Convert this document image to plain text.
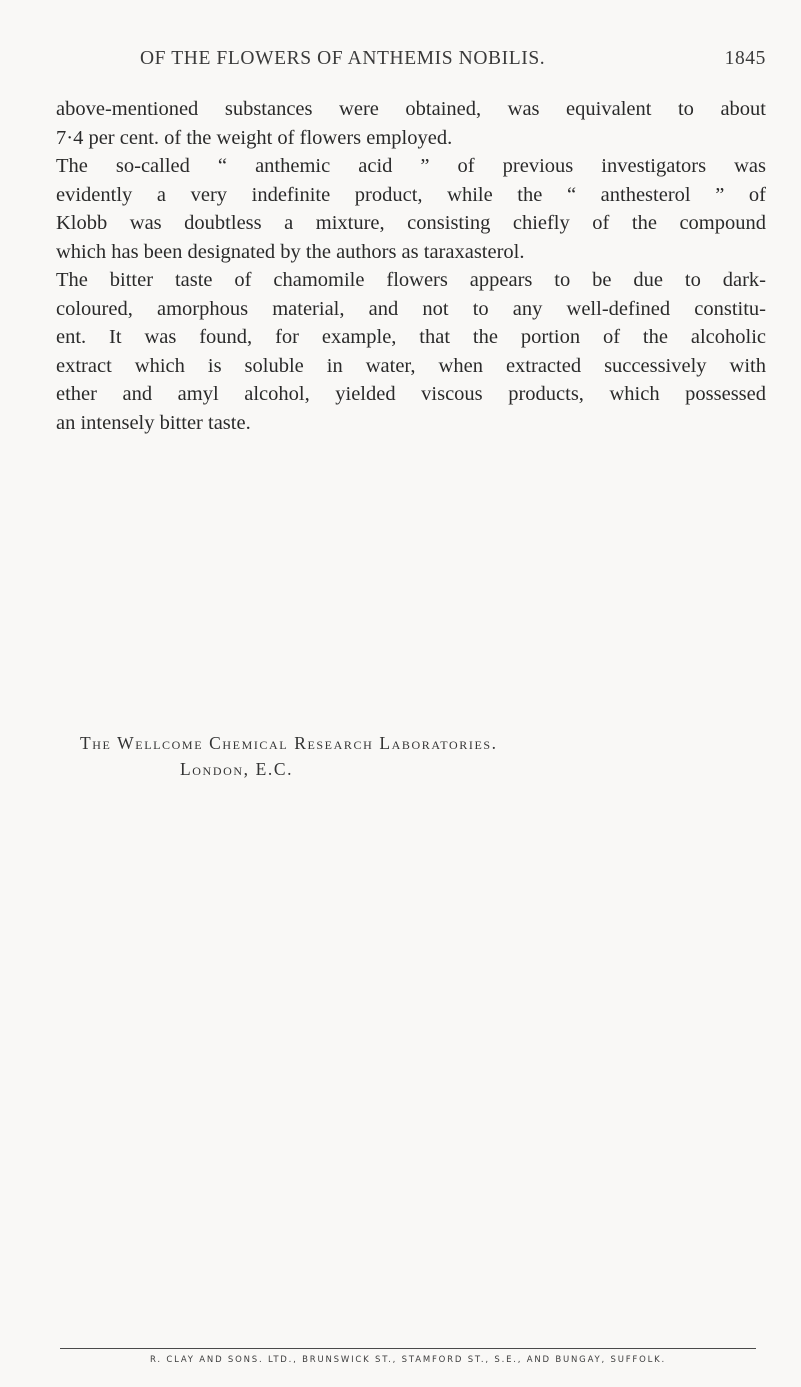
OF THE FLOWERS OF ANTHEMIS NOBILIS.	1845
above-mentioned substances were obtained, was equivalent to about
7·4 per cent. of the weight of flowers employed.
The so-called “ anthemic acid ” of previous investigators was
evidently a very indefinite product, while the “ anthesterol ” of
Klobb was doubtless a mixture, consisting chiefly of the compound
which has been designated by the authors as taraxasterol.
The bitter taste of chamomile flowers appears to be due to dark-
coloured, amorphous material, and not to any well-defined constitu-
ent. It was found, for example, that the portion of the alcoholic
extract which is soluble in water, when extracted successively with
ether and amyl alcohol, yielded viscous products, which possessed
an intensely bitter taste.
The Wellcome Chemical Research Laboratories.
London, E.C.
R. CLAY AND SONS. LTD., BRUNSWICK ST., STAMFORD ST., S.E., AND BUNGAY, SUFFOLK.
